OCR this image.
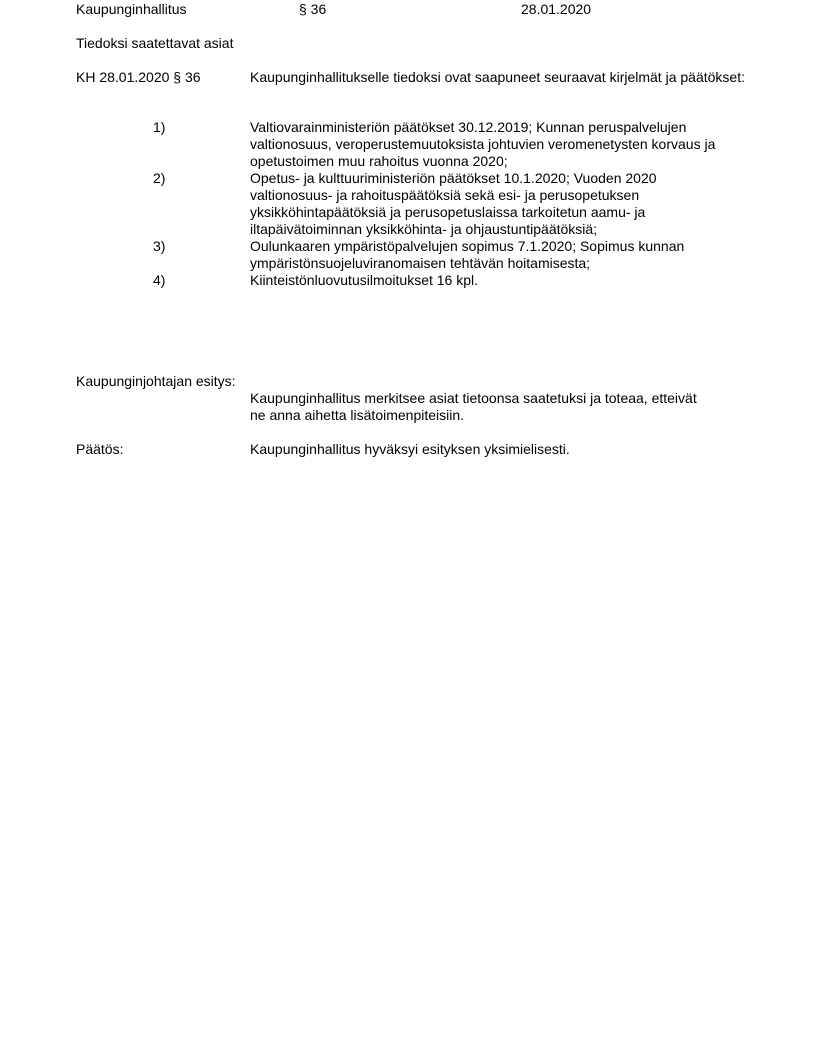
Kaupunginhallitus	§ 36	28.01.2020
Tiedoksi saatettavat asiat
KH 28.01.2020 § 36	Kaupunginhallitukselle tiedoksi ovat saapuneet seuraavat kirjelmät ja päätökset:
1)	Valtiovarainministeriön päätökset 30.12.2019; Kunnan peruspalvelujen
valtionosuus, veroperustemuutoksista johtuvien veromenetysten korvaus ja
opetustoimen muu rahoitus vuonna 2020;
2)	Opetus- ja kulttuuriministeriön päätökset 10.1.2020; Vuoden 2020
valtionosuus- ja rahoituspäätöksiä sekä esi- ja perusopetuksen
yksikköhintapäätöksiä ja perusopetuslaissa tarkoitetun aamu- ja
iltapäivätoiminnan yksikköhinta- ja ohjaustuntipäätöksiä;
3)	Oulunkaaren ympäristöpalvelujen sopimus 7.1.2020; Sopimus kunnan
ympäristönsuojeluviranomaisen tehtävän hoitamisesta;
4)	Kiinteistönluovutusilmoitukset 16 kpl.
Kaupunginjohtajan esitys:
Kaupunginhallitus merkitsee asiat tietoonsa saatetuksi ja toteaa, etteivät
ne anna aihetta lisätoimenpiteisiin.
Päätös:	Kaupunginhallitus hyväksyi esityksen yksimielisesti.
